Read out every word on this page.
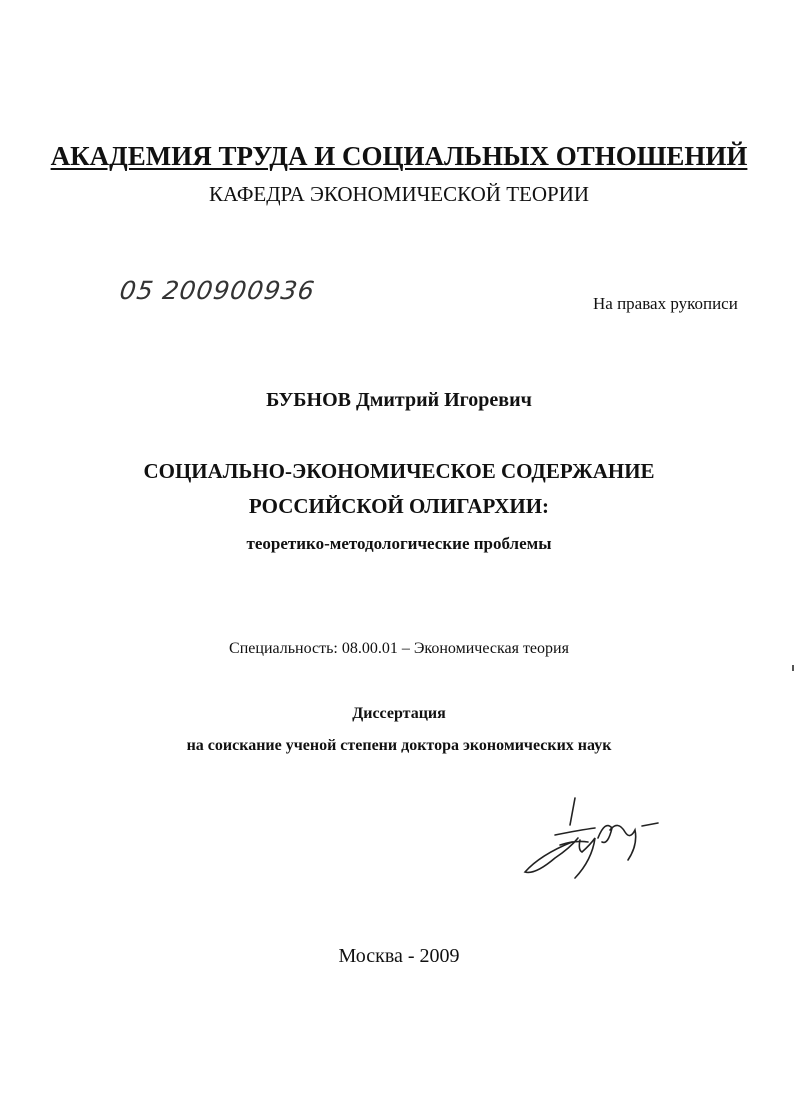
АКАДЕМИЯ ТРУДА И СОЦИАЛЬНЫХ ОТНОШЕНИЙ
КАФЕДРА ЭКОНОМИЧЕСКОЙ ТЕОРИИ
05 200900936	На правах рукописи
БУБНОВ Дмитрий Игоревич
СОЦИАЛЬНО-ЭКОНОМИЧЕСКОЕ СОДЕРЖАНИЕ
РОССИЙСКОЙ ОЛИГАРХИИ:
теоретико-методологические проблемы
Специальность: 08.00.01 – Экономическая теория
Диссертация
на соискание ученой степени доктора экономических наук
Москва - 2009
